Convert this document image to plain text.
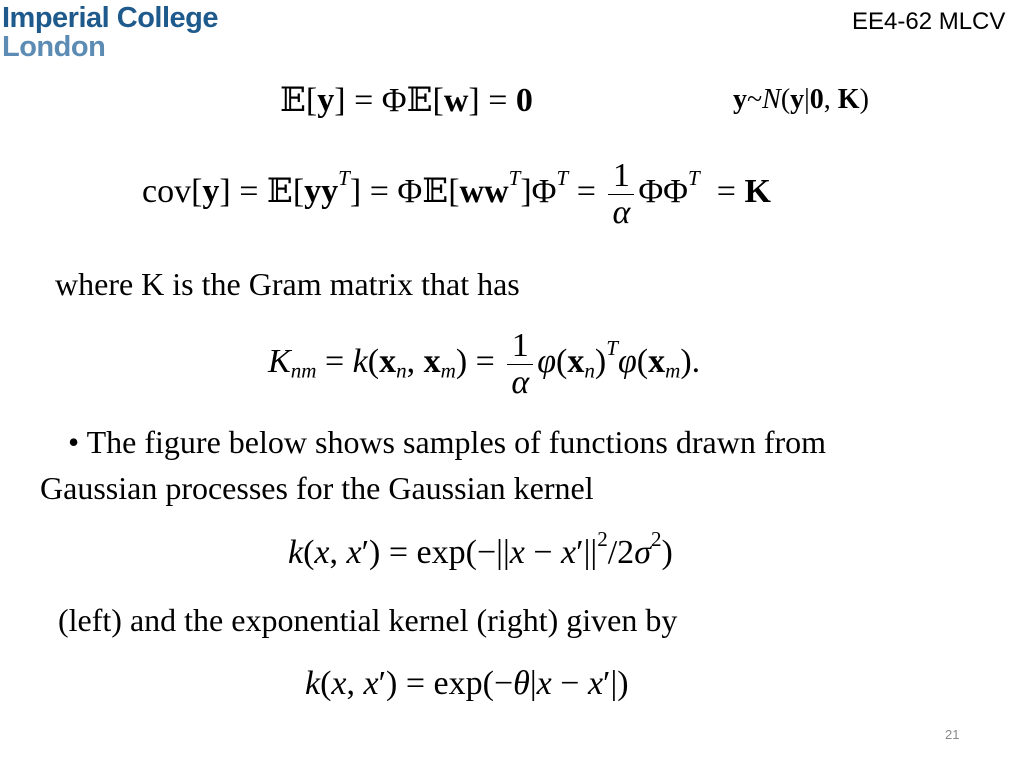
Imperial College
London
EE4-62 MLCV
𝔼[y] = Φ𝔼[w] = 0	y~N(y|0, K)
$cov[y] = 𝔼[yy^T]$ = $\Phi 𝔼[ww^T]\Phi^T = \frac{1}{\alpha} \Phi\Phi^T = K$
where K is the Gram matrix that has
$K_{nm} = k(x_n$, $x_m) = \frac{1}{\alpha} \varphi(x_n)^T\varphi(x_m)$.
• The figure below shows samples of functions drawn from
Gaussian processes for the Gaussian kernel
k(x, $x') = \exp(-||x - x'||^2/2\sigma^2)$
(left) and the exponential kernel (right) given by
k(x, x′) = exp(−θ|x − x′|)
21
